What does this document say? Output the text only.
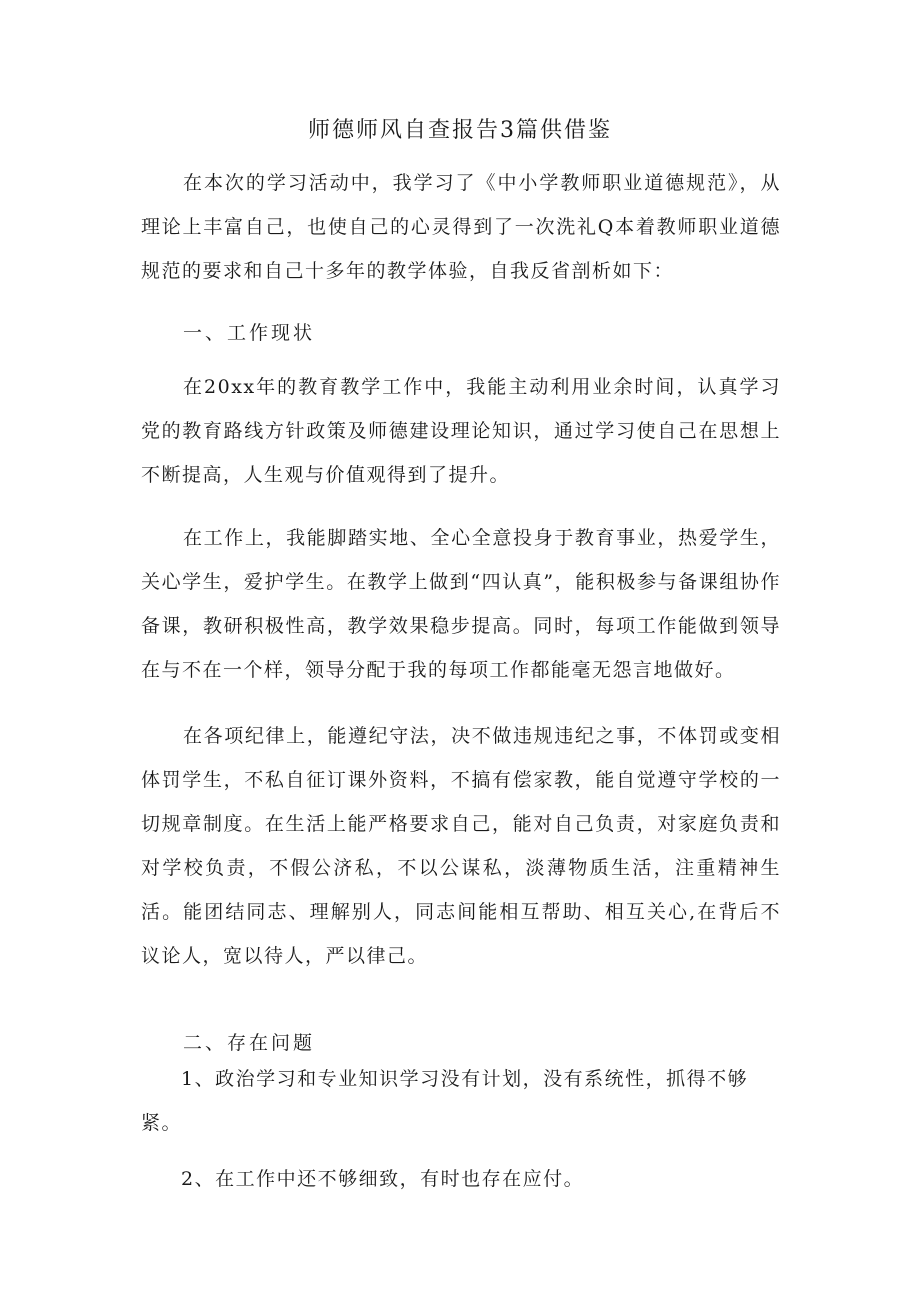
师德师风自查报告3篇供借鉴

在本次的学习活动中，我学习了《中小学教师职业道德规范》，从理论上丰富自己，也使自己的心灵得到了一次洗礼Q本着教师职业道德规范的要求和自己十多年的教学体验，自我反省剖析如下：

一、工作现状

在20xx年的教育教学工作中，我能主动利用业余时间，认真学习党的教育路线方针政策及师德建设理论知识，通过学习使自己在思想上不断提高，人生观与价值观得到了提升。

在工作上，我能脚踏实地、全心全意投身于教育事业，热爱学生，关心学生，爱护学生。在教学上做到“四认真”，能积极参与备课组协作备课，教研积极性高，教学效果稳步提高。同时，每项工作能做到领导在与不在一个样，领导分配于我的每项工作都能毫无怨言地做好。

在各项纪律上，能遵纪守法，决不做违规违纪之事，不体罚或变相体罚学生，不私自征订课外资料，不搞有偿家教，能自觉遵守学校的一切规章制度。在生活上能严格要求自己，能对自己负责，对家庭负责和对学校负责，不假公济私，不以公谋私，淡薄物质生活，注重精神生活。能团结同志、理解别人，同志间能相互帮助、相互关心,在背后不议论人，宽以待人，严以律己。

二、存在问题

1、政治学习和专业知识学习没有计划，没有系统性，抓得不够紧。

2、在工作中还不够细致，有时也存在应付。
